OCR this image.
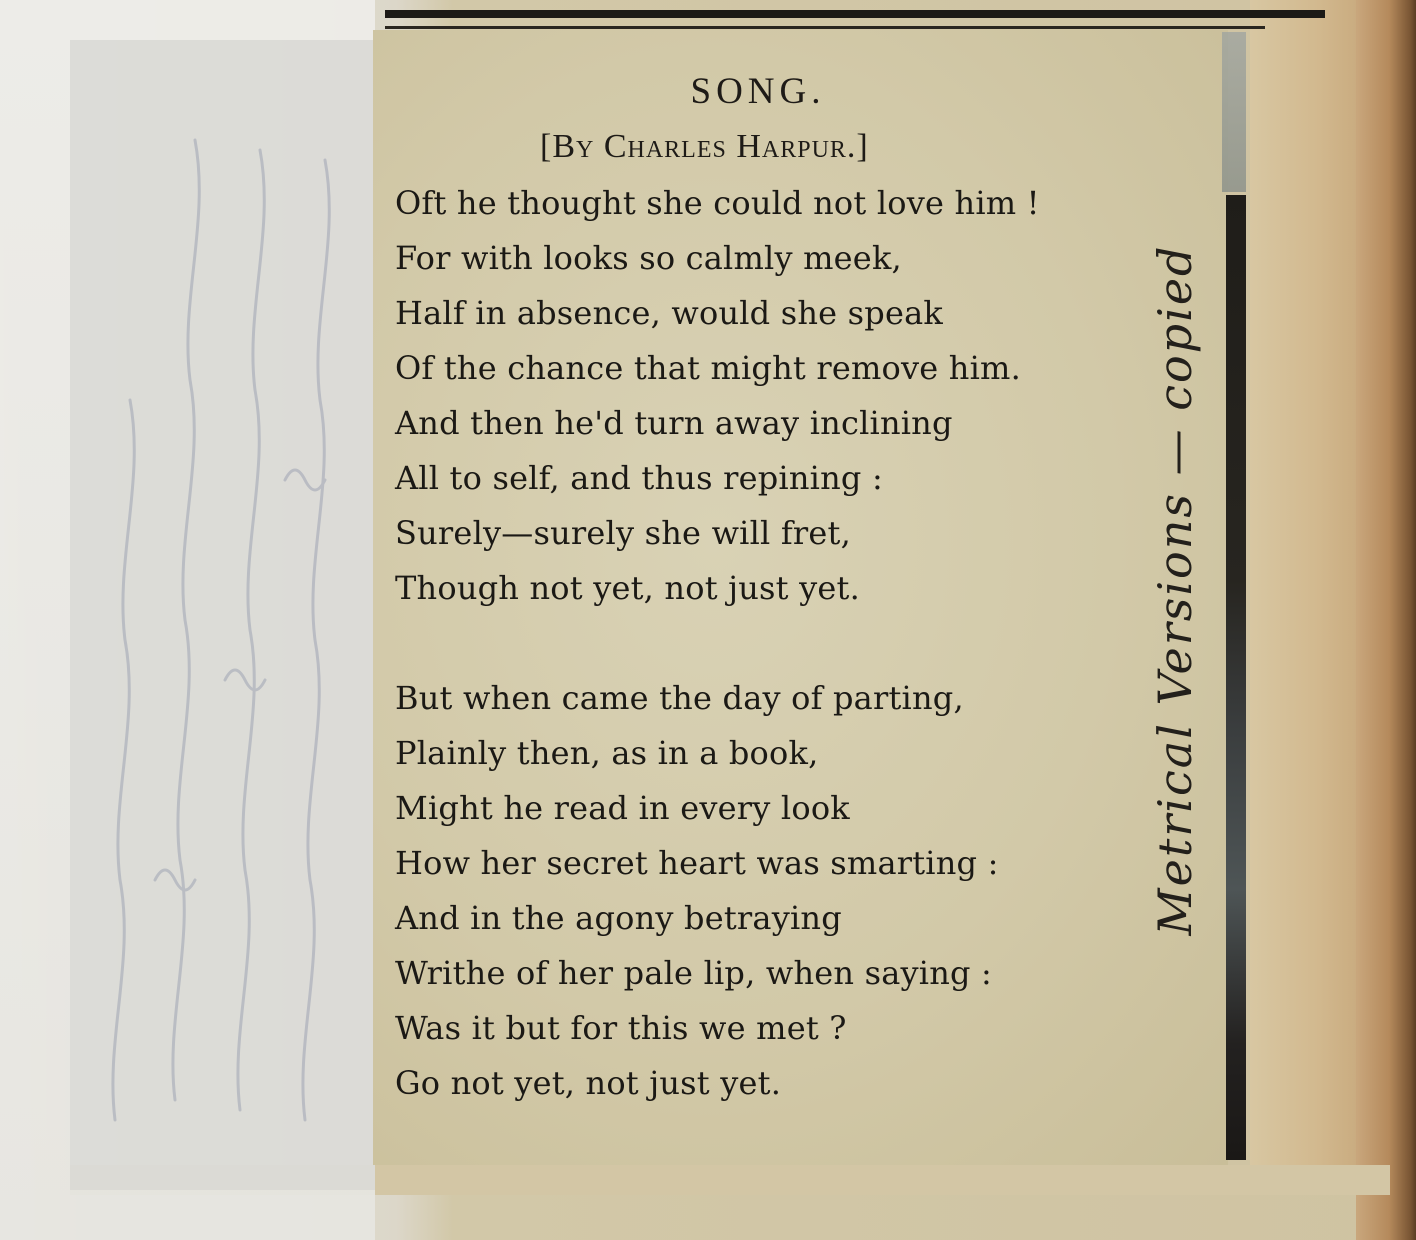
SONG.
[By Charles Harpur.]
Oft he thought she could not love him !
For with looks so calmly meek,
Half in absence, would she speak
Of the chance that might remove him.
And then he'd turn away inclining
All to self, and thus repining :
Surely—surely she will fret,
Though not yet, not just yet.
But when came the day of parting,
Plainly then, as in a book,
Might he read in every look
How her secret heart was smarting :
And in the agony betraying
Writhe of her pale lip, when saying :
Was it but for this we met ?
Go not yet, not just yet.
Metrical Versions — copied
